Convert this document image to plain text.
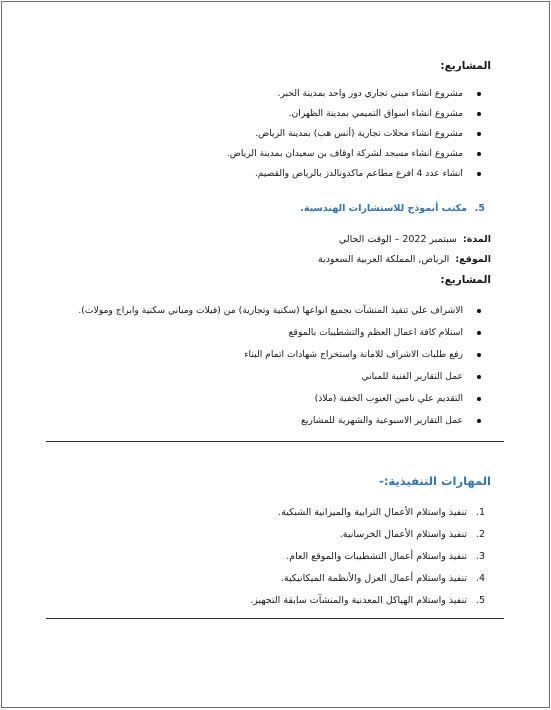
المشاريع:
مشروع انشاء مبني تجاري دور واحد بمدينة الخبر.
مشروع انشاء اسواق التميمي بمدينة الظهران.
مشروع انشاء محلات تجارية (أنس هب) بمدينة الرياض.
مشروع انشاء مسجد لشركة اوقاف بن سعيدان بمدينة الرياض.
انشاء عدد 4 افرع مطاعم ماكدونالدز بالرياض والقصيم.
5.
مكتب أنموذج للاستشارات الهندسية.
المدة:  سبتمبر 2022 – الوقت الحالي
الموقع:  الرياض, المملكة العربية السعودية
المشاريع:
الاشراف علي تنفيذ المنشآت بجميع انواعها (سكنية وتجارية) من (فيلات ومباني سكنية وابراج ومولات).
استلام كافة اعمال العظم والتشطيبات بالموقع
رفع طلبات الاشراف للامانة واستخراج شهادات اتمام البناء
عمل التقارير الفنية للمباني
التقديم علي تامين العيوب الخفية (ملاذ)
عمل التقارير الاسبوعية والشهرية للمشاريع
المهارات التنفيذية:-
1.
تنفيذ واستلام الأعمال الترابية والميزانية الشبكية.
2.
تنفيذ واستلام الأعمال الخرسانية.
3.
تنفيذ واستلام أعمال التشطيبات والموقع العام.
4.
تنفيذ واستلام أعمال العزل والأنظمة الميكانيكية.
5.
تنفيذ واستلام الهياكل المعدنية والمنشآت سابقة التجهيز.
